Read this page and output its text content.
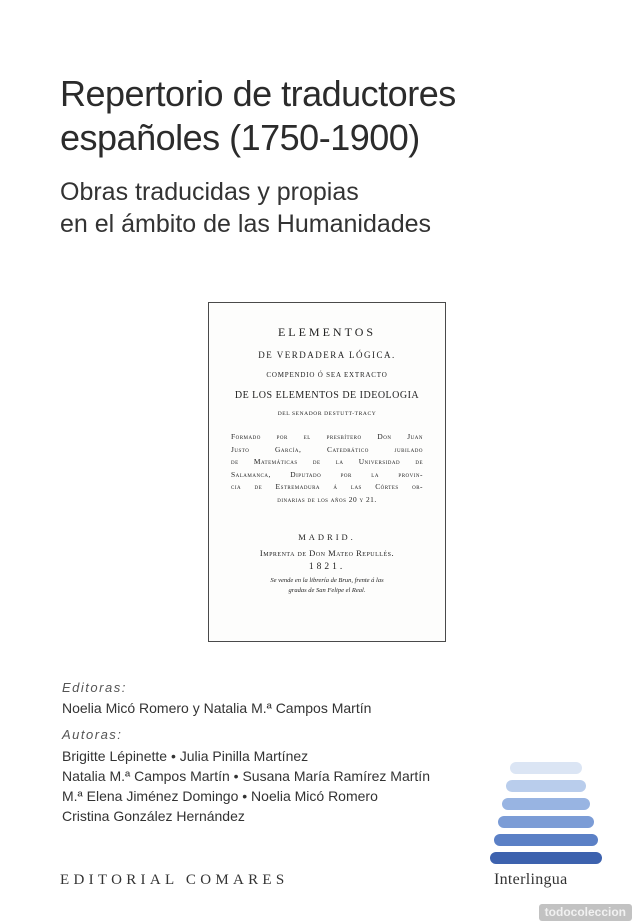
Repertorio de traductores
españoles (1750-1900)
Obras traducidas y propias
en el ámbito de las Humanidades
ELEMENTOS
DE VERDADERA LÓGICA.
COMPENDIO Ó SEA EXTRACTO
DE LOS ELEMENTOS DE IDEOLOGIA
DEL SENADOR DESTUTT-TRACY
Formado por el presbítero Don Juan
Justo García, Catedrático jubilado
de Matemáticas de la Universidad de
Salamanca, Diputado por la provin-
cia de Estremadura á las Córtes or-
dinarias de los años 20 y 21.
MADRID.
Imprenta de Don Mateo Repullés.
1821.
Se vende en la librería de Brun, frente á las
gradas de San Felipe el Real.

Editoras:

Noelia Micó Romero y Natalia M.ª Campos Martín

Autoras:

Brigitte Lépinette • Julia Pinilla Martínez
Natalia M.ª Campos Martín • Susana María Ramírez Martín
M.ª Elena Jiménez Domingo • Noelia Micó Romero
Cristina González Hernández
EDITORIAL COMARES	Interlingua
todocoleccion
